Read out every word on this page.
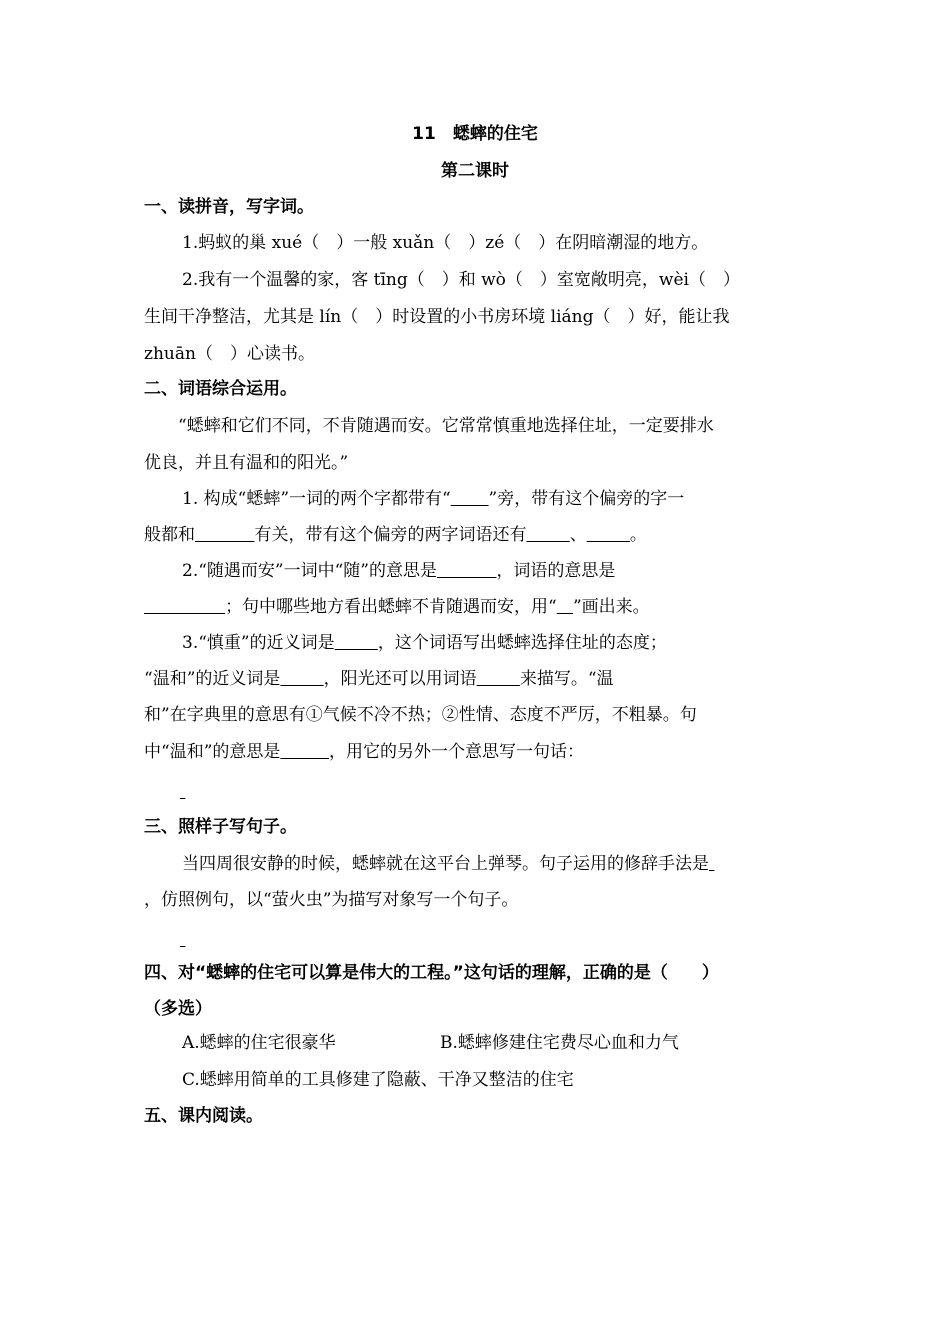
11　蟋蟀的住宅
第二课时
一、读拼音，写字词。
1.蚂蚁的巢 xué（　）一般 xuǎn（　）zé（　）在阴暗潮湿的地方。
2.我有一个温馨的家，客 tīng（　）和 wò（　）室宽敞明亮，wèi（　）
生间干净整洁，尤其是 lín（　）时设置的小书房环境 liáng（　）好，能让我
zhuān（　）心读书。
二、词语综合运用。
“蟋蟀和它们不同，不肯随遇而安。它常常慎重地选择住址，一定要排水
优良，并且有温和的阳光。”
1. 构成“蟋蟀”一词的两个字都带有“ ”旁，带有这个偏旁的字一
般都和	有关，带有这个偏旁的两字词语还有	、	。
2.“随遇而安”一词中“随”的意思是	，词语的意思是
；句中哪些地方看出蟋蟀不肯随遇而安，用“ ”画出来。
3.“慎重”的近义词是	，这个词语写出蟋蟀选择住址的态度；
“温和”的近义词是	，阳光还可以用词语	来描写。“温
和”在字典里的意思有①气候不冷不热；②性情、态度不严厉，不粗暴。句
中“温和”的意思是	，用它的另外一个意思写一句话：

三、照样子写句子。
当四周很安静的时候，蟋蟀就在这平台上弹琴。句子运用的修辞手法是
，仿照例句，以“萤火虫”为描写对象写一个句子。

四、对“蟋蟀的住宅可以算是伟大的工程。”这句话的理解，正确的是（　　）
（多选）
A.蟋蟀的住宅很豪华	B.蟋蟀修建住宅费尽心血和力气
C.蟋蟀用简单的工具修建了隐蔽、干净又整洁的住宅
五、课内阅读。
